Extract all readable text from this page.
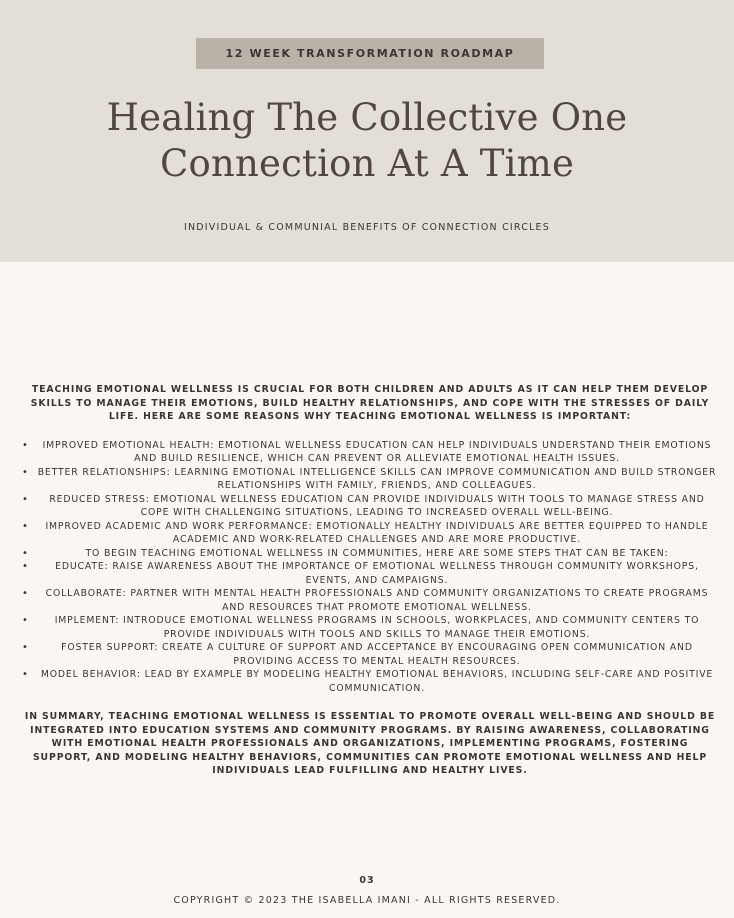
12 WEEK TRANSFORMATION ROADMAP
Healing The Collective One
Connection At A Time
INDIVIDUAL & COMMUNIAL BENEFITS OF CONNECTION CIRCLES

TEACHING EMOTIONAL WELLNESS IS CRUCIAL FOR BOTH CHILDREN AND ADULTS AS IT CAN HELP THEM DEVELOP SKILLS TO MANAGE THEIR EMOTIONS, BUILD HEALTHY RELATIONSHIPS, AND COPE WITH THE STRESSES OF DAILY LIFE. HERE ARE SOME REASONS WHY TEACHING EMOTIONAL WELLNESS IS IMPORTANT:

• IMPROVED EMOTIONAL HEALTH: EMOTIONAL WELLNESS EDUCATION CAN HELP INDIVIDUALS UNDERSTAND THEIR EMOTIONS AND BUILD RESILIENCE, WHICH CAN PREVENT OR ALLEVIATE EMOTIONAL HEALTH ISSUES.
• BETTER RELATIONSHIPS: LEARNING EMOTIONAL INTELLIGENCE SKILLS CAN IMPROVE COMMUNICATION AND BUILD STRONGER RELATIONSHIPS WITH FAMILY, FRIENDS, AND COLLEAGUES.
• REDUCED STRESS: EMOTIONAL WELLNESS EDUCATION CAN PROVIDE INDIVIDUALS WITH TOOLS TO MANAGE STRESS AND COPE WITH CHALLENGING SITUATIONS, LEADING TO INCREASED OVERALL WELL-BEING.
• IMPROVED ACADEMIC AND WORK PERFORMANCE: EMOTIONALLY HEALTHY INDIVIDUALS ARE BETTER EQUIPPED TO HANDLE ACADEMIC AND WORK-RELATED CHALLENGES AND ARE MORE PRODUCTIVE.
•	TO BEGIN TEACHING EMOTIONAL WELLNESS IN COMMUNITIES, HERE ARE SOME STEPS THAT CAN BE TAKEN:
•	EDUCATE: RAISE AWARENESS ABOUT THE IMPORTANCE OF EMOTIONAL WELLNESS THROUGH COMMUNITY WORKSHOPS, EVENTS, AND CAMPAIGNS.
• COLLABORATE: PARTNER WITH MENTAL HEALTH PROFESSIONALS AND COMMUNITY ORGANIZATIONS TO CREATE PROGRAMS AND RESOURCES THAT PROMOTE EMOTIONAL WELLNESS.
•	IMPLEMENT: INTRODUCE EMOTIONAL WELLNESS PROGRAMS IN SCHOOLS, WORKPLACES, AND COMMUNITY CENTERS TO PROVIDE INDIVIDUALS WITH TOOLS AND SKILLS TO MANAGE THEIR EMOTIONS.
•	FOSTER SUPPORT: CREATE A CULTURE OF SUPPORT AND ACCEPTANCE BY ENCOURAGING OPEN COMMUNICATION AND PROVIDING ACCESS TO MENTAL HEALTH RESOURCES.
• MODEL BEHAVIOR: LEAD BY EXAMPLE BY MODELING HEALTHY EMOTIONAL BEHAVIORS, INCLUDING SELF-CARE AND POSITIVE COMMUNICATION.

IN SUMMARY, TEACHING EMOTIONAL WELLNESS IS ESSENTIAL TO PROMOTE OVERALL WELL-BEING AND SHOULD BE INTEGRATED INTO EDUCATION SYSTEMS AND COMMUNITY PROGRAMS. BY RAISING AWARENESS, COLLABORATING WITH EMOTIONAL HEALTH PROFESSIONALS AND ORGANIZATIONS, IMPLEMENTING PROGRAMS, FOSTERING SUPPORT, AND MODELING HEALTHY BEHAVIORS, COMMUNITIES CAN PROMOTE EMOTIONAL WELLNESS AND HELP INDIVIDUALS LEAD FULFILLING AND HEALTHY LIVES.

03
COPYRIGHT © 2023 THE ISABELLA IMANI - ALL RIGHTS RESERVED.
